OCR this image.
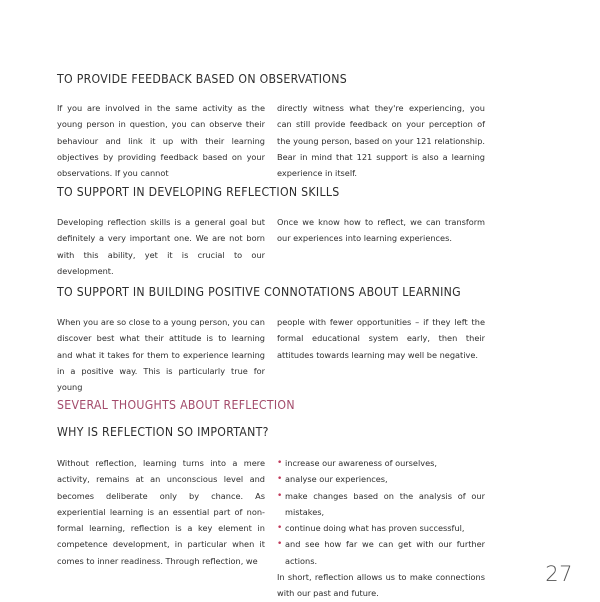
TO PROVIDE FEEDBACK BASED ON OBSERVATIONS

If you are involved in the same activity as the young person in question, you can observe their behaviour and link it up with their learning objectives by providing feedback based on your observations. If you cannot

directly witness what they're experiencing, you can still provide feedback on your perception of the young person, based on your 121 relationship. Bear in mind that 121 support is also a learning experience in itself.

TO SUPPORT IN DEVELOPING REFLECTION SKILLS

Developing reflection skills is a general goal but definitely a very important one. We are not born with this ability, yet it is crucial to our development.

Once we know how to reflect, we can transform our experiences into learning experiences.

TO SUPPORT IN BUILDING POSITIVE CONNOTATIONS ABOUT LEARNING

When you are so close to a young person, you can discover best what their attitude is to learning and what it takes for them to experience learning in a positive way. This is particularly true for young

people with fewer opportunities – if they left the formal educational system early, then their attitudes towards learning may well be negative.

SEVERAL THOUGHTS ABOUT REFLECTION
WHY IS REFLECTION SO IMPORTANT?

Without reflection, learning turns into a mere activity, remains at an unconscious level and becomes deliberate only by chance. As experiential learning is an essential part of non-formal learning, reflection is a key element in competence development, in particular when it comes to inner readiness. Through reflection, we

• increase our awareness of ourselves,
• analyse our experiences,
• make changes based on the analysis of our mistakes,
• continue doing what has proven successful,
• and see how far we can get with our further actions.

In short, reflection allows us to make connections with our past and future.

27
